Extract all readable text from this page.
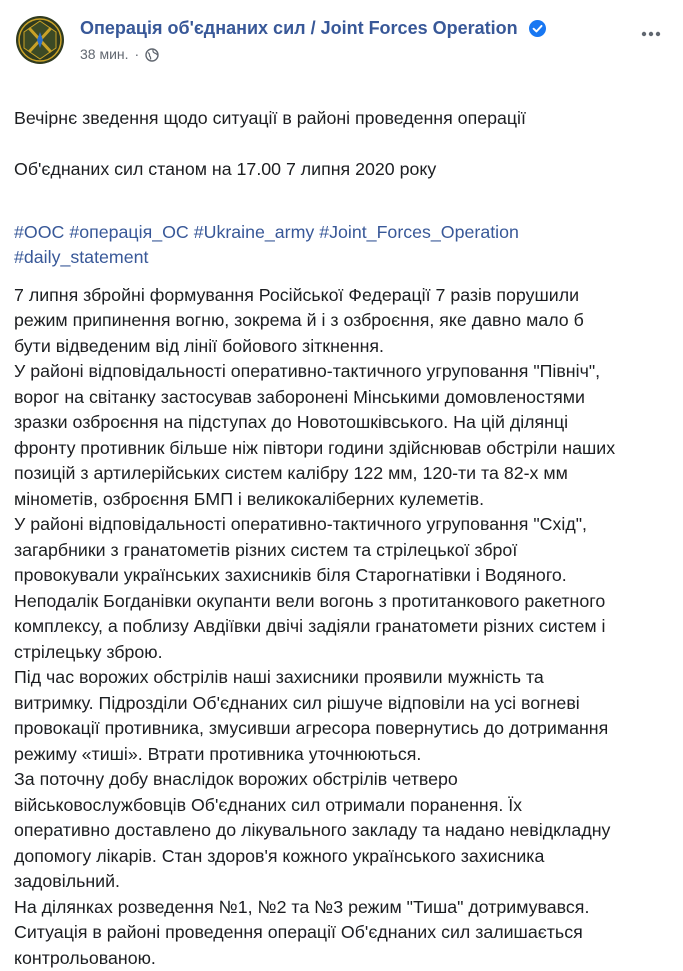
Операція об'єднаних сил / Joint Forces Operation
38 мин. ·

Вечірнє зведення щодо ситуації в районі проведення операції

Об'єднаних сил станом на 17.00 7 липня 2020 року

#ООС #операція_ОС #Ukraine_army #Joint_Forces_Operation
#daily_statement
7 липня збройні формування Російської Федерації 7 разів порушили
режим припинення вогню, зокрема й і з озброєння, яке давно мало б
бути відведеним від лінії бойового зіткнення.
У районі відповідальності оперативно-тактичного угруповання "Північ",
ворог на світанку застосував заборонені Мінськими домовленостями
зразки озброєння на підступах до Новотошківського. На цій ділянці
фронту противник більше ніж півтори години здійснював обстріли наших
позицій з артилерійських систем калібру 122 мм, 120-ти та 82-х мм
мінометів, озброєння БМП і великокаліберних кулеметів.
У районі відповідальності оперативно-тактичного угруповання "Схід",
загарбники з гранатометів різних систем та стрілецької зброї
провокували українських захисників біля Старогнатівки і Водяного.
Неподалік Богданівки окупанти вели вогонь з протитанкового ракетного
комплексу, а поблизу Авдіївки двічі задіяли гранатомети різних систем і
стрілецьку зброю.
Під час ворожих обстрілів наші захисники проявили мужність та
витримку. Підрозділи Об'єднаних сил рішуче відповіли на усі вогневі
провокації противника, змусивши агресора повернутись до дотримання
режиму «тиші». Втрати противника уточнюються.
За поточну добу внаслідок ворожих обстрілів четверо
військовослужбовців Об'єднаних сил отримали поранення. Їх
оперативно доставлено до лікувального закладу та надано невідкладну
допомогу лікарів. Стан здоров'я кожного українського захисника
задовільний.
На ділянках розведення №1, №2 та №3 режим "Тиша" дотримувався.
Ситуація в районі проведення операції Об'єднаних сил залишається
контрольованою.
